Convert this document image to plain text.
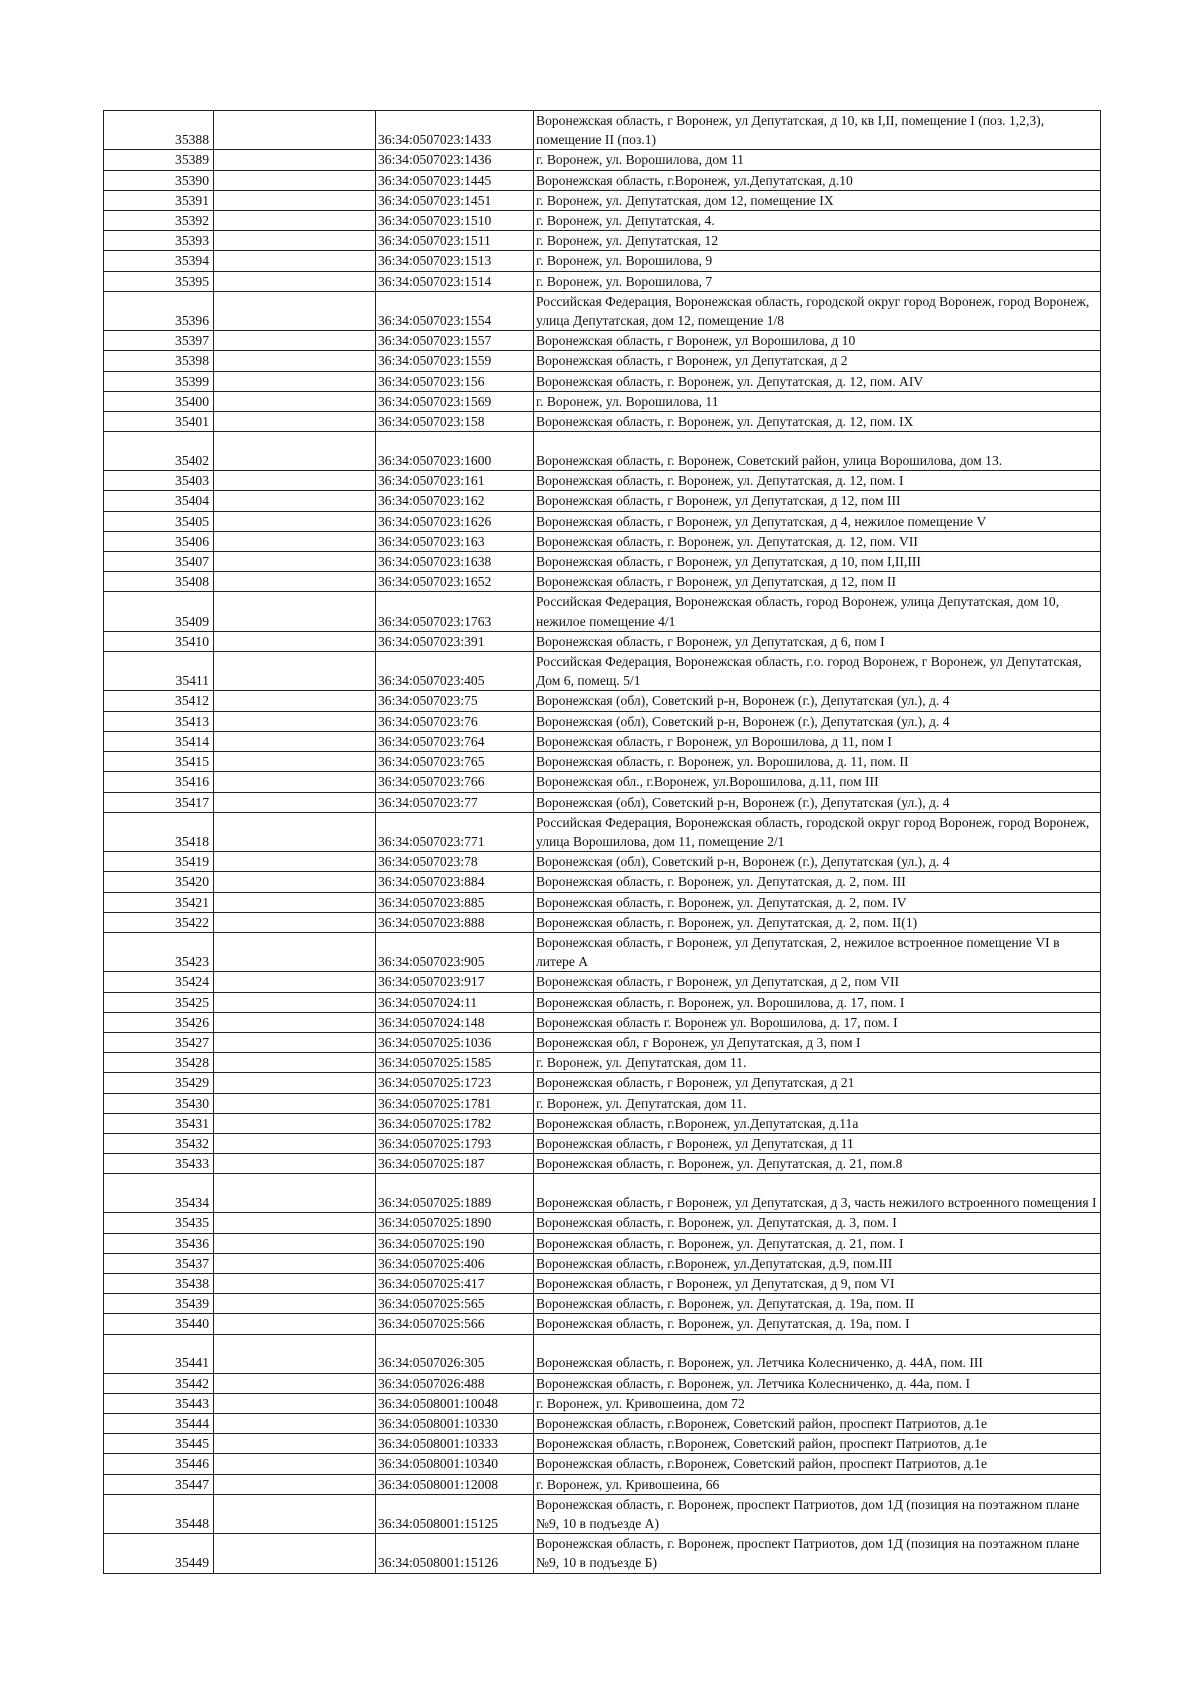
35388		36:34:0507023:1433	Воронежская область, г Воронеж, ул Депутатская, д 10, кв I,II, помещение I (поз. 1,2,3), помещение II (поз.1)
35389		36:34:0507023:1436	г. Воронеж, ул. Ворошилова, дом 11
35390		36:34:0507023:1445	Воронежская область, г.Воронеж, ул.Депутатская, д.10
35391		36:34:0507023:1451	г. Воронеж, ул. Депутатская, дом 12, помещение IX
35392		36:34:0507023:1510	г. Воронеж, ул. Депутатская, 4.
35393		36:34:0507023:1511	г. Воронеж, ул. Депутатская, 12
35394		36:34:0507023:1513	г. Воронеж, ул. Ворошилова, 9
35395		36:34:0507023:1514	г. Воронеж, ул. Ворошилова, 7
35396		36:34:0507023:1554	Российская Федерация, Воронежская область, городской округ город Воронеж, город Воронеж, улица Депутатская, дом 12, помещение 1/8
35397		36:34:0507023:1557	Воронежская область, г Воронеж, ул Ворошилова, д 10
35398		36:34:0507023:1559	Воронежская область, г Воронеж, ул Депутатская, д 2
35399		36:34:0507023:156	Воронежская область, г. Воронеж, ул. Депутатская, д. 12, пом. AIV
35400		36:34:0507023:1569	г. Воронеж, ул. Ворошилова, 11
35401		36:34:0507023:158	Воронежская область, г. Воронеж, ул. Депутатская, д. 12, пом. IX
35402		36:34:0507023:1600	Воронежская область, г. Воронеж, Советский район, улица Ворошилова, дом 13.
35403		36:34:0507023:161	Воронежская область, г. Воронеж, ул. Депутатская, д. 12, пом. I
35404		36:34:0507023:162	Воронежская область, г Воронеж, ул Депутатская, д 12, пом III
35405		36:34:0507023:1626	Воронежская область, г Воронеж, ул Депутатская, д 4, нежилое помещение V
35406		36:34:0507023:163	Воронежская область, г. Воронеж, ул. Депутатская, д. 12, пом. VII
35407		36:34:0507023:1638	Воронежская область, г Воронеж, ул Депутатская, д 10, пом I,II,III
35408		36:34:0507023:1652	Воронежская область, г Воронеж, ул Депутатская, д 12, пом II
35409		36:34:0507023:1763	Российская Федерация, Воронежская область, город Воронеж, улица Депутатская, дом 10, нежилое помещение 4/1
35410		36:34:0507023:391	Воронежская область, г Воронеж, ул Депутатская, д 6, пом I
35411		36:34:0507023:405	Российская Федерация, Воронежская область, г.о. город Воронеж, г Воронеж, ул Депутатская, Дом 6, помещ. 5/1
35412		36:34:0507023:75	Воронежская (обл), Советский р-н, Воронеж (г.), Депутатская (ул.), д. 4
35413		36:34:0507023:76	Воронежская (обл), Советский р-н, Воронеж (г.), Депутатская (ул.), д. 4
35414		36:34:0507023:764	Воронежская область, г Воронеж, ул Ворошилова, д 11, пом I
35415		36:34:0507023:765	Воронежская область, г. Воронеж, ул. Ворошилова, д. 11, пом. II
35416		36:34:0507023:766	Воронежская обл., г.Воронеж, ул.Ворошилова, д.11, пом III
35417		36:34:0507023:77	Воронежская (обл), Советский р-н, Воронеж (г.), Депутатская (ул.), д. 4
35418		36:34:0507023:771	Российская Федерация, Воронежская область, городской округ город Воронеж, город Воронеж, улица Ворошилова, дом 11, помещение 2/1
35419		36:34:0507023:78	Воронежская (обл), Советский р-н, Воронеж (г.), Депутатская (ул.), д. 4
35420		36:34:0507023:884	Воронежская область, г. Воронеж, ул. Депутатская, д. 2, пом. III
35421		36:34:0507023:885	Воронежская область, г. Воронеж, ул. Депутатская, д. 2, пом. IV
35422		36:34:0507023:888	Воронежская область, г. Воронеж, ул. Депутатская, д. 2, пом. II(1)
35423		36:34:0507023:905	Воронежская область, г Воронеж, ул Депутатская, 2, нежилое встроенное помещение VI в литере А
35424		36:34:0507023:917	Воронежская область, г Воронеж, ул Депутатская, д 2, пом VII
35425		36:34:0507024:11	Воронежская область, г. Воронеж, ул. Ворошилова, д. 17, пом. I
35426		36:34:0507024:148	Воронежская область г. Воронеж ул. Ворошилова, д. 17, пом. I
35427		36:34:0507025:1036	Воронежская обл, г Воронеж, ул Депутатская, д 3, пом I
35428		36:34:0507025:1585	г. Воронеж, ул. Депутатская, дом 11.
35429		36:34:0507025:1723	Воронежская область, г Воронеж, ул Депутатская, д 21
35430		36:34:0507025:1781	г. Воронеж, ул. Депутатская, дом 11.
35431		36:34:0507025:1782	Воронежская область, г.Воронеж, ул.Депутатская, д.11а
35432		36:34:0507025:1793	Воронежская область, г Воронеж, ул Депутатская, д 11
35433		36:34:0507025:187	Воронежская область, г. Воронеж, ул. Депутатская, д. 21, пом.8
35434		36:34:0507025:1889	Воронежская область, г Воронеж, ул Депутатская, д 3, часть нежилого встроенного помещения I
35435		36:34:0507025:1890	Воронежская область, г. Воронеж, ул. Депутатская, д. 3, пом. I
35436		36:34:0507025:190	Воронежская область, г. Воронеж, ул. Депутатская, д. 21, пом. I
35437		36:34:0507025:406	Воронежская область, г.Воронеж, ул.Депутатская, д.9, пом.III
35438		36:34:0507025:417	Воронежская область, г Воронеж, ул Депутатская, д 9, пом VI
35439		36:34:0507025:565	Воронежская область, г. Воронеж, ул. Депутатская, д. 19а, пом. II
35440		36:34:0507025:566	Воронежская область, г. Воронеж, ул. Депутатская, д. 19а, пом. I
35441		36:34:0507026:305	Воронежская область, г. Воронеж, ул. Летчика Колесниченко, д. 44А, пом. III
35442		36:34:0507026:488	Воронежская область, г. Воронеж, ул. Летчика Колесниченко, д. 44а, пом. I
35443		36:34:0508001:10048	г. Воронеж, ул. Кривошеина, дом 72
35444		36:34:0508001:10330	Воронежская область, г.Воронеж, Советский район, проспект Патриотов, д.1е
35445		36:34:0508001:10333	Воронежская область, г.Воронеж, Советский район, проспект Патриотов, д.1е
35446		36:34:0508001:10340	Воронежская область, г.Воронеж, Советский район, проспект Патриотов, д.1е
35447		36:34:0508001:12008	г. Воронеж, ул. Кривошеина, 66
35448		36:34:0508001:15125	Воронежская область, г. Воронеж, проспект Патриотов, дом 1Д (позиция на поэтажном плане №9, 10 в подъезде А)
35449		36:34:0508001:15126	Воронежская область, г. Воронеж, проспект Патриотов, дом 1Д (позиция на поэтажном плане №9, 10 в подъезде Б)
